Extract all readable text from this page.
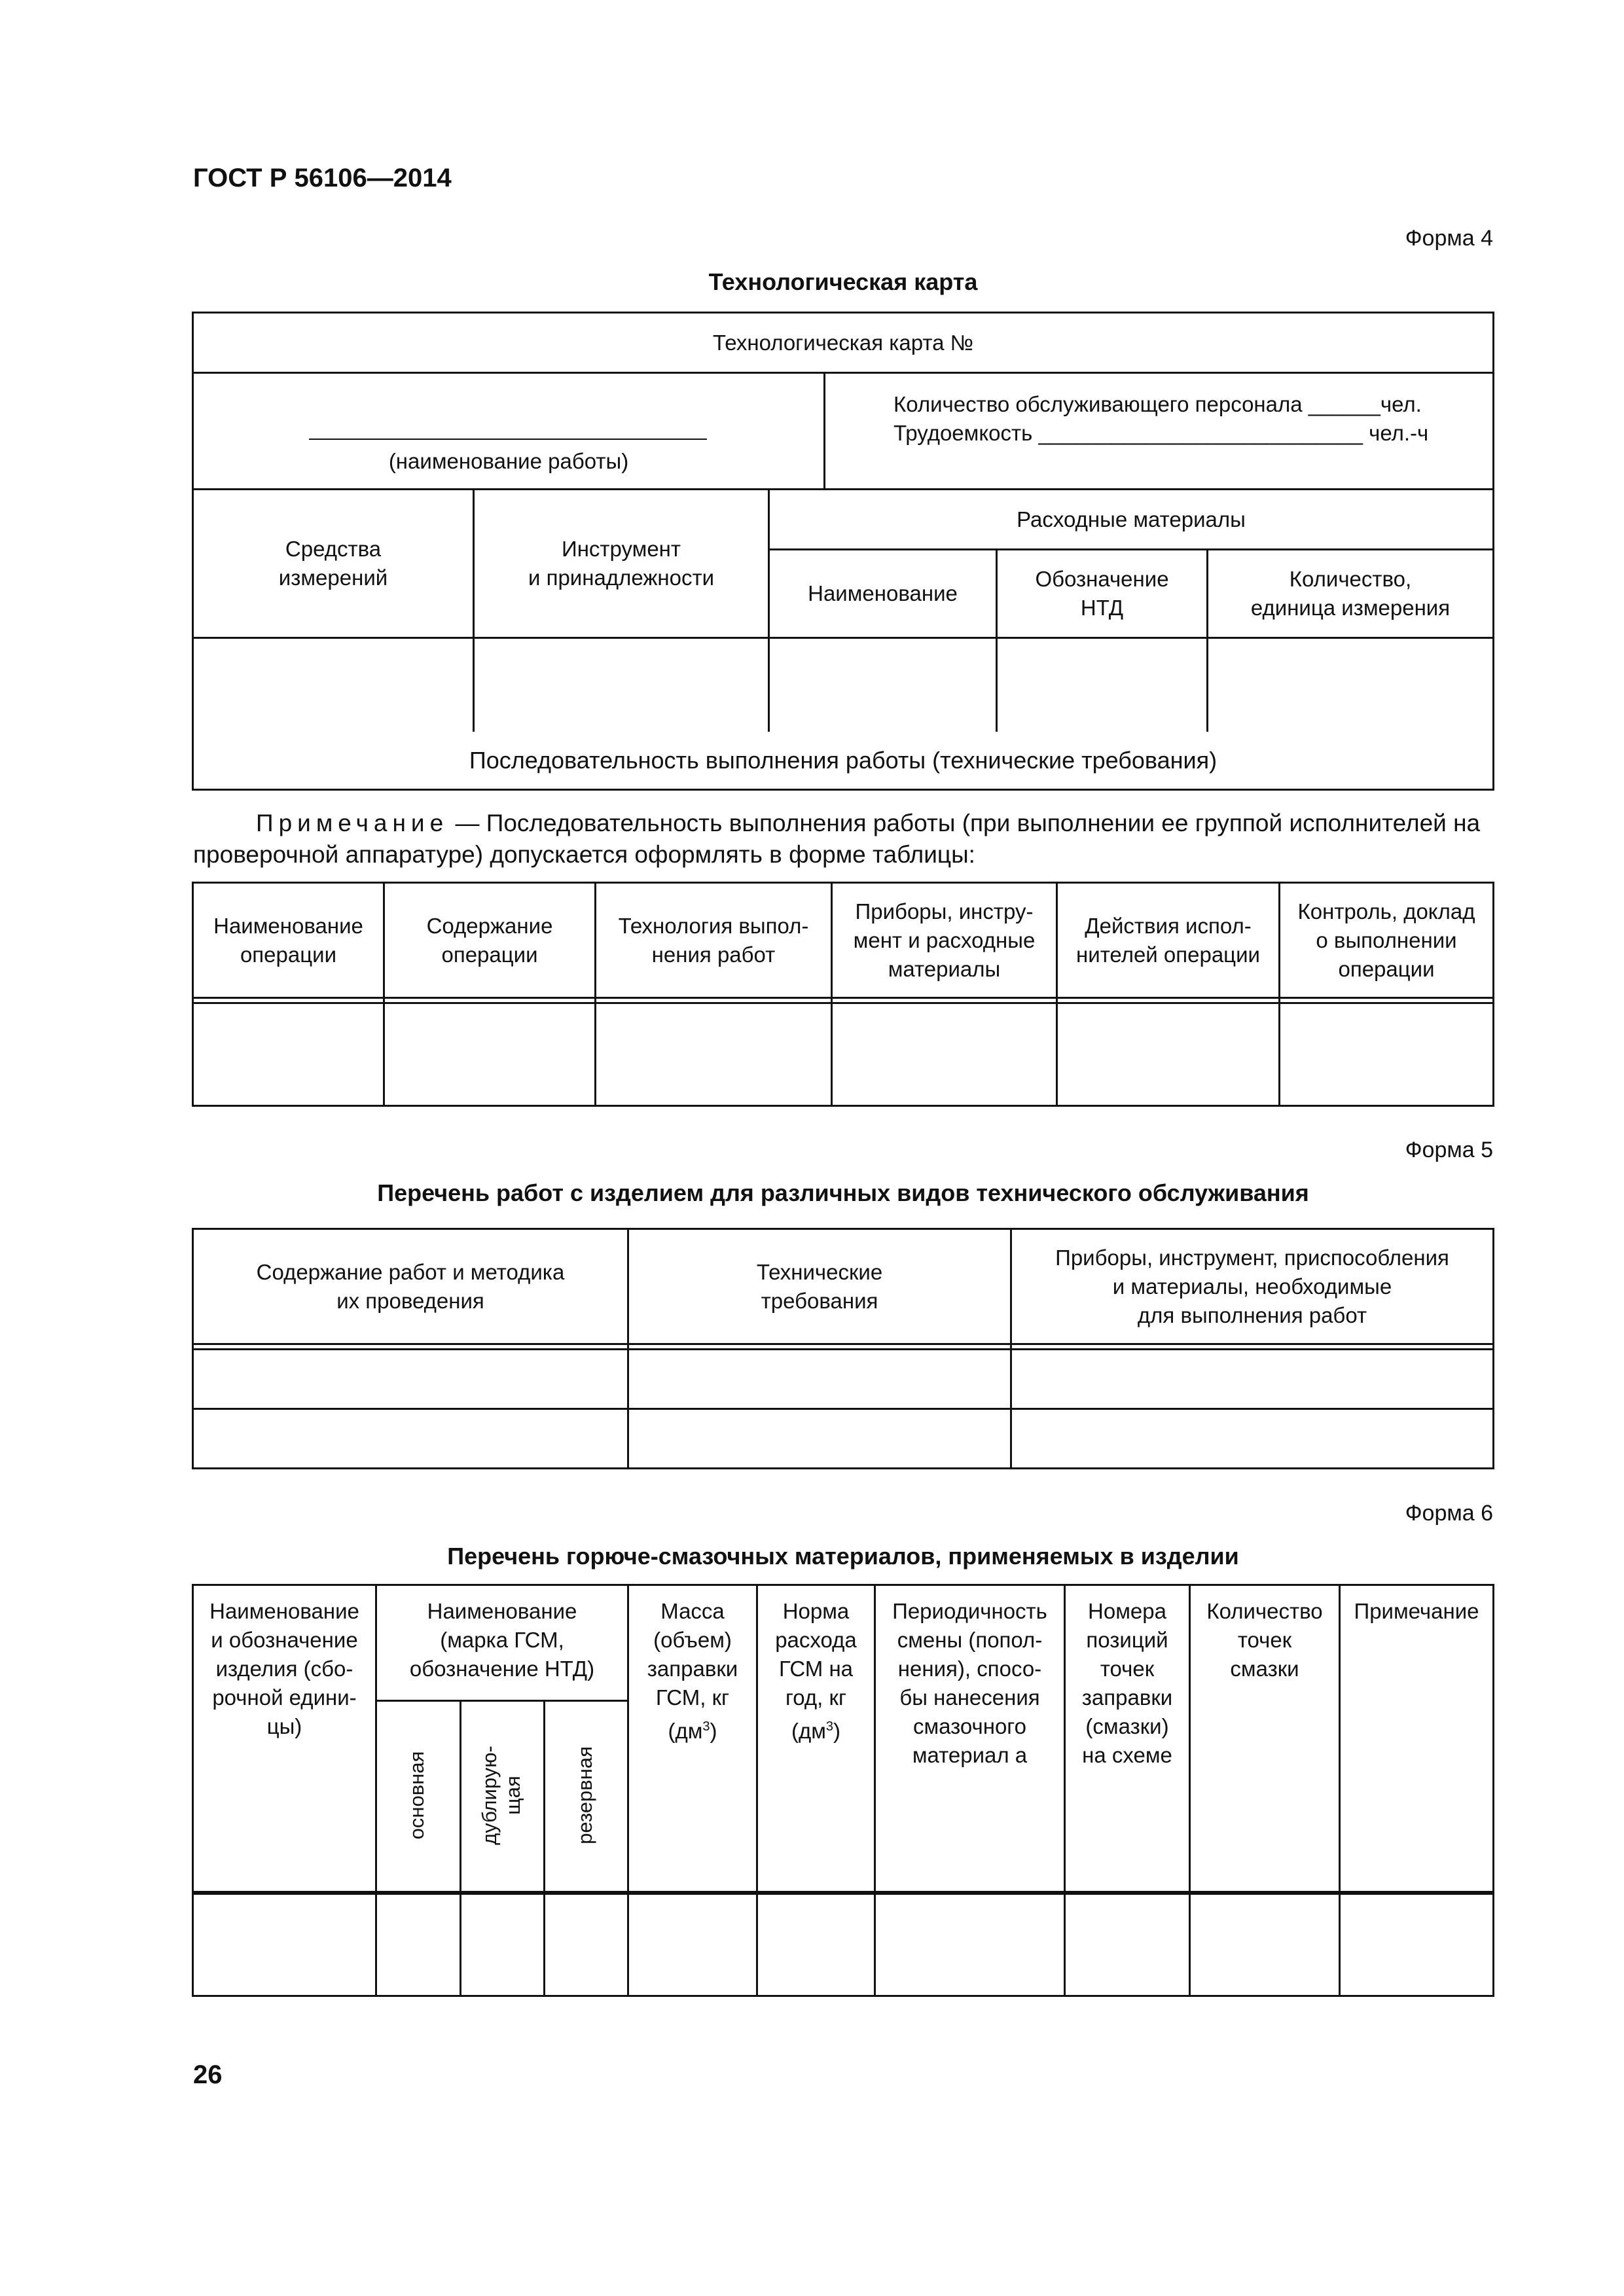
ГОСТ Р 56106—2014
Форма 4
Технологическая карта
Технологическая карта №
(наименование работы)
Количество обслуживающего персонала ______чел.
Трудоемкость ___________________________ чел.-ч
Средства
измерений
Инструмент
и принадлежности
Расходные материалы
Наименование
Обозначение
НТД
Количество,
единица измерения
Последовательность выполнения работы (технические требования)
Примечание — Последовательность выполнения работы (при выполнении ее группой исполнителей на проверочной аппаратуре) допускается оформлять в форме таблицы:
Наименование
операции
Содержание
операции
Технология выпол-
нения работ
Приборы, инстру-
мент и расходные
материалы
Действия испол-
нителей операции
Контроль, доклад
о выполнении
операции
Форма 5
Перечень работ с изделием для различных видов технического обслуживания
Содержание работ и методика
их проведения
Технические
требования
Приборы, инструмент, приспособления
и материалы, необходимые
для выполнения работ
Форма 6
Перечень горюче-смазочных материалов, применяемых в изделии
Наименование
и обозначение
изделия (сбо-
рочной едини-
цы)
Наименование
(марка ГСМ,
обозначение НТД)
основная дублирую-
щая резервная
Масса
(объем)
заправки
ГСМ, кг
$(дм^3)$
Норма
расхода
ГСМ на
год, кг
$(дм^3)$
Периодичность
смены (попол-
нения), спосо-
бы нанесения
смазочного
материал а
Номера
позиций
точек
заправки
(смазки)
на схеме
Количество
точек
смазки
Примечание
26
